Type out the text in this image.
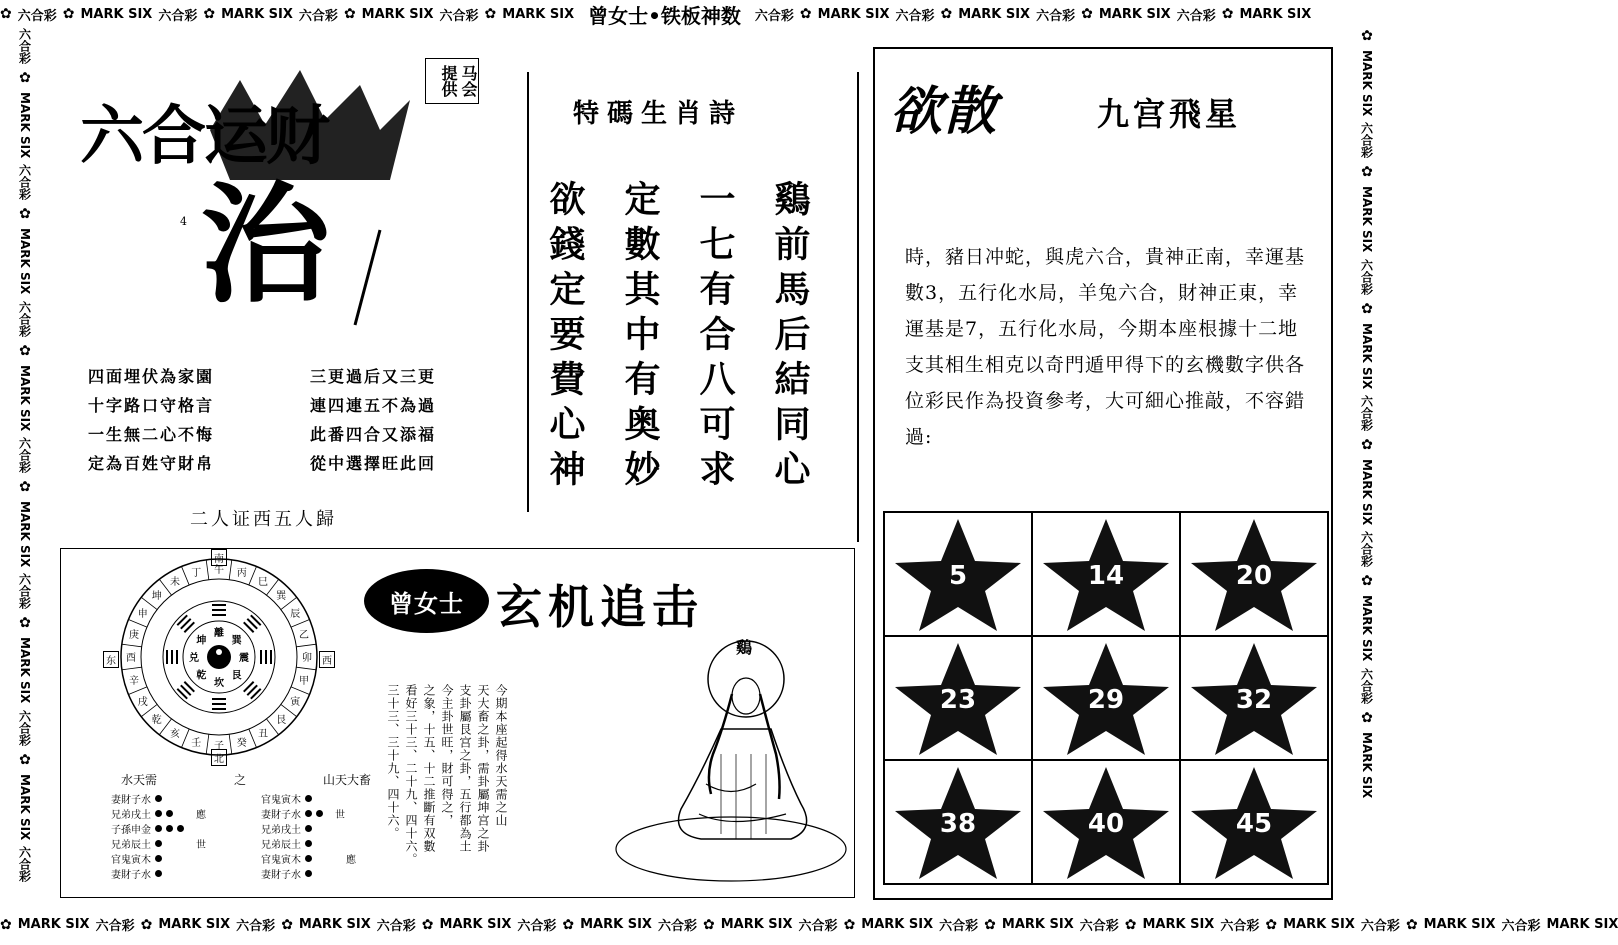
✿ 六合彩 ✿ MARK SIX 六合彩 ✿ MARK SIX 六合彩 ✿ MARK SIX 六合彩 ✿ MARK SIX 曾女士•铁板神数 六合彩 ✿ MARK SIX 六合彩 ✿ MARK SIX 六合彩 ✿ MARK SIX 六合彩 ✿ MARK SIX
✿ MARK SIX 六合彩 ✿ MARK SIX 六合彩 ✿ MARK SIX 六合彩 ✿ MARK SIX 六合彩 ✿ MARK SIX 六合彩 ✿ MARK SIX 六合彩 ✿ MARK SIX 六合彩 ✿ MARK SIX 六合彩 ✿ MARK SIX 六合彩 ✿ MARK SIX 六合彩 ✿ MARK SIX 六合彩 MARK SIX
六合彩
✿
MARK SIX
六合彩
✿
MARK SIX
六合彩
✿
MARK SIX
六合彩
✿
MARK SIX
六合彩
✿
MARK SIX
六合彩
✿
MARK SIX
六合彩
✿
MARK SIX
六合彩
✿
MARK SIX
六合彩
✿
MARK SIX
六合彩
✿
MARK SIX
六合彩
✿
MARK SIX
六合彩
✿
MARK SIX
六合运财
马会提供
4 治
四面埋伏為家園
十字路口守格言
一生無二心不悔
定為百姓守財帛
三更過后又三更
連四連五不為過
此番四合又添福
從中選擇旺此回
二人证西五人歸
特碼生肖詩
鷄前馬后結同心
一七有合八可求
定數其中有奥妙
欲錢定要費心神
欲散	九宫飛星
時，豬日冲蛇，與虎六合，貴神正南，幸運基數3，五行化水局，羊兔六合，財神正東，幸運基是7，五行化水局，今期本座根據十二地支其相生相克以奇門遁甲得下的玄機數字供各位彩民作為投資參考，大可細心推敲，不容錯過:
5	14	20
23	29	32
38	40	45
子 癸
丑
艮
寅
甲
卯
乙
辰
巽
巳
丙
午
丁
未
坤
申
庚
酉
辛
戌
乾
亥
壬
坎
艮
震
巽
離
坤
兑
乾
南
北
东	西
水天需	之	山天大畜
妻財子水
兄弟戌土	應
子孫申金
兄弟辰土	世
官鬼寅木
妻財子水
官鬼寅木
妻財子水	世
兄弟戌土
兄弟辰土
官鬼寅木	應
妻財子水
曾女士 玄机追击
今期本座起得水天需之山
天大畜之卦，需卦屬坤宫之卦
支卦屬艮宫之卦，五行都為土
今主卦世旺，財可得之，
之象，十五、十二推斷有双數
看好三十三、二十九、四十六。
三十三、三十九、四十六。
鷄
